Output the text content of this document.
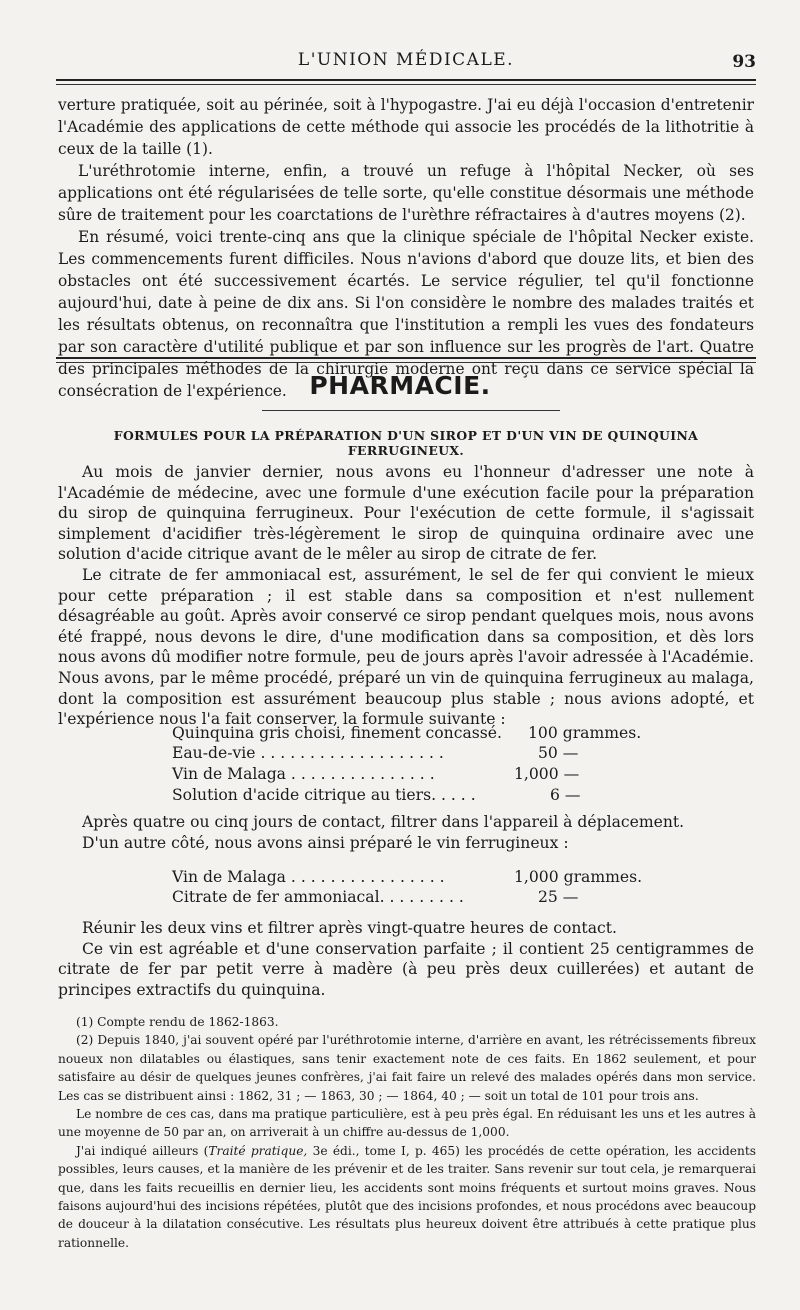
L'UNION MÉDICALE.	93

verture pratiquée, soit au périnée, soit à l'hypogastre. J'ai eu déjà l'occasion d'entretenir l'Académie des applications de cette méthode qui associe les procédés de la lithotritie à ceux de la taille (1).

L'uréthrotomie interne, enfin, a trouvé un refuge à l'hôpital Necker, où ses applications ont été régularisées de telle sorte, qu'elle constitue désormais une méthode sûre de traitement pour les coarctations de l'urèthre réfractaires à d'autres moyens (2).

En résumé, voici trente-cinq ans que la clinique spéciale de l'hôpital Necker existe. Les commencements furent difficiles. Nous n'avions d'abord que douze lits, et bien des obstacles ont été successivement écartés. Le service régulier, tel qu'il fonctionne aujourd'hui, date à peine de dix ans. Si l'on considère le nombre des malades traités et les résultats obtenus, on reconnaîtra que l'institution a rempli les vues des fondateurs par son caractère d'utilité publique et par son influence sur les progrès de l'art. Quatre des principales méthodes de la chirurgie moderne ont reçu dans ce service spécial la consécration de l'expérience. PHARMACIE.
FORMULES POUR LA PRÉPARATION D'UN SIROP ET D'UN VIN DE QUINQUINA FERRUGINEUX.

Au mois de janvier dernier, nous avons eu l'honneur d'adresser une note à l'Académie de médecine, avec une formule d'une exécution facile pour la préparation du sirop de quinquina ferrugineux. Pour l'exécution de cette formule, il s'agissait simplement d'acidifier très-légèrement le sirop de quinquina ordinaire avec une solution d'acide citrique avant de le mêler au sirop de citrate de fer.

Le citrate de fer ammoniacal est, assurément, le sel de fer qui convient le mieux pour cette préparation ; il est stable dans sa composition et n'est nullement désagréable au goût. Après avoir conservé ce sirop pendant quelques mois, nous avons été frappé, nous devons le dire, d'une modification dans sa composition, et dès lors nous avons dû modifier notre formule, peu de jours après l'avoir adressée à l'Académie. Nous avons, par le même procédé, préparé un vin de quinquina ferrugineux au malaga, dont la composition est assurément beaucoup plus stable ; nous avions adopté, et l'expérience nous l'a fait conserver, la formule suivante :

Quinquina gris choisi, finement concassé. 100 grammes.
Eau-de-vie . . . . . . . . . . . . . . . . . . .	50 —
Vin de Malaga . . . . . . . . . . . . . . .	1,000 —
Solution d'acide citrique au tiers. . . . .	6 —

Après quatre ou cinq jours de contact, filtrer dans l'appareil à déplacement.

D'un autre côté, nous avons ainsi préparé le vin ferrugineux :

Vin de Malaga . . . . . . . . . . . . . . . .	1,000 grammes.
Citrate de fer ammoniacal. . . . . . . . .	25 —

Réunir les deux vins et filtrer après vingt-quatre heures de contact.

Ce vin est agréable et d'une conservation parfaite ; il contient 25 centigrammes de citrate de fer par petit verre à madère (à peu près deux cuillerées) et autant de principes extractifs du quinquina.

(1) Compte rendu de 1862-1863.

(2) Depuis 1840, j'ai souvent opéré par l'uréthrotomie interne, d'arrière en avant, les rétrécissements fibreux noueux non dilatables ou élastiques, sans tenir exactement note de ces faits. En 1862 seulement, et pour satisfaire au désir de quelques jeunes confrères, j'ai fait faire un relevé des malades opérés dans mon service. Les cas se distribuent ainsi : 1862, 31 ; — 1863, 30 ; — 1864, 40 ; — soit un total de 101 pour trois ans.

Le nombre de ces cas, dans ma pratique particulière, est à peu près égal. En réduisant les uns et les autres à une moyenne de 50 par an, on arriverait à un chiffre au-dessus de 1,000.

J'ai indiqué ailleurs (Traité pratique, 3e édi., tome I, p. 465) les procédés de cette opération, les accidents possibles, leurs causes, et la manière de les prévenir et de les traiter. Sans revenir sur tout cela, je remarquerai que, dans les faits recueillis en dernier lieu, les accidents sont moins fréquents et surtout moins graves. Nous faisons aujourd'hui des incisions répétées, plutôt que des incisions profondes, et nous procédons avec beaucoup de douceur à la dilatation consécutive. Les résultats plus heureux doivent être attribués à cette pratique plus rationnelle.
